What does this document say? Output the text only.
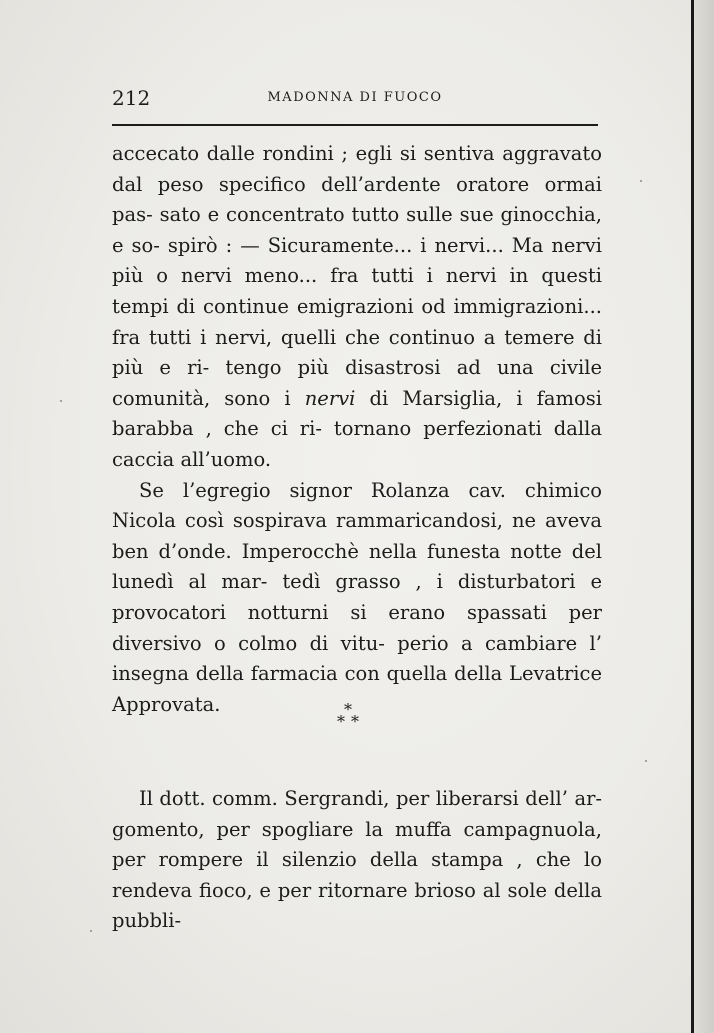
212	MADONNA DI FUOCO

accecato dalle rondini ; egli si sentiva aggravato dal peso specifico dell’ardente oratore ormai pas- sato e concentrato tutto sulle sue ginocchia, e so- spirò : — Sicuramente... i nervi... Ma nervi più o nervi meno... fra tutti i nervi in questi tempi di continue emigrazioni od immigrazioni... fra tutti i nervi, quelli che continuo a temere di più e ri- tengo più disastrosi ad una civile comunità, sono i nervi di Marsiglia, i famosi barabba , che ci ri- tornano perfezionati dalla caccia all’uomo.

Se l’egregio signor Rolanza cav. chimico Nicola così sospirava rammaricandosi, ne aveva ben d’onde. Imperocchè nella funesta notte del lunedì al mar- tedì grasso , i disturbatori e provocatori notturni si erano spassati per diversivo o colmo di vitu- perio a cambiare l’ insegna della farmacia con quella della Levatrice Approvata.	*
* *

Il dott. comm. Sergrandi, per liberarsi dell’ ar- gomento, per spogliare la muffa campagnuola, per rompere il silenzio della stampa , che lo rendeva fioco, e per ritornare brioso al sole della pubbli-
